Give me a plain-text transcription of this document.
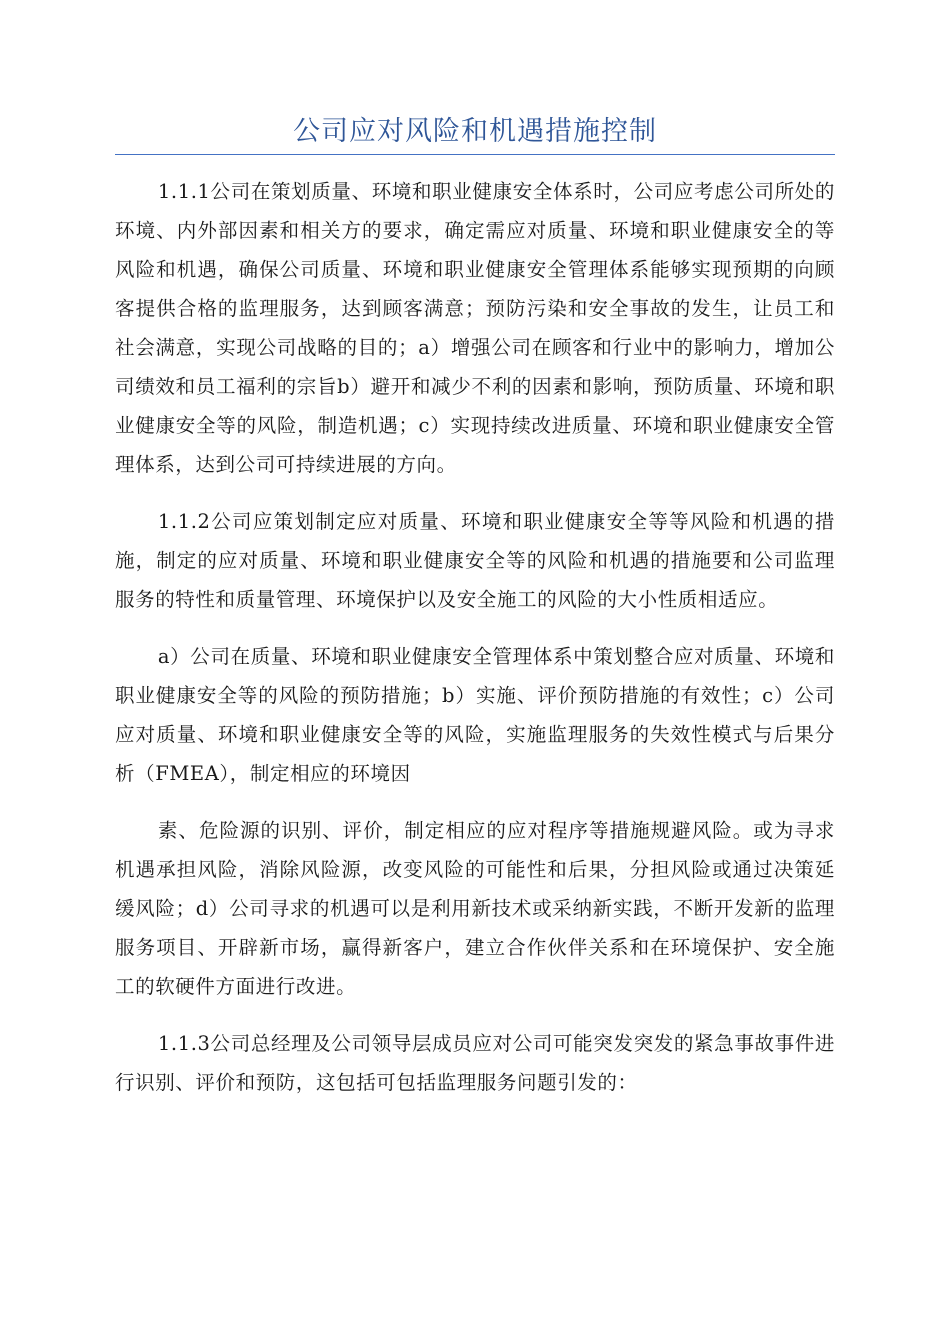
公司应对风险和机遇措施控制

1.1.1公司在策划质量、环境和职业健康安全体系时，公司应考虑公司所处的环境、内外部因素和相关方的要求，确定需应对质量、环境和职业健康安全的等风险和机遇，确保公司质量、环境和职业健康安全管理体系能够实现预期的向顾客提供合格的监理服务，达到顾客满意；预防污染和安全事故的发生，让员工和社会满意，实现公司战略的目的；a）增强公司在顾客和行业中的影响力，增加公司绩效和员工福利的宗旨b）避开和减少不利的因素和影响，预防质量、环境和职业健康安全等的风险，制造机遇；c）实现持续改进质量、环境和职业健康安全管理体系，达到公司可持续进展的方向。

1.1.2公司应策划制定应对质量、环境和职业健康安全等等风险和机遇的措施，制定的应对质量、环境和职业健康安全等的风险和机遇的措施要和公司监理服务的特性和质量管理、环境保护以及安全施工的风险的大小性质相适应。

a）公司在质量、环境和职业健康安全管理体系中策划整合应对质量、环境和职业健康安全等的风险的预防措施；b）实施、评价预防措施的有效性；c）公司应对质量、环境和职业健康安全等的风险，实施监理服务的失效性模式与后果分析（FMEA），制定相应的环境因

素、危险源的识别、评价，制定相应的应对程序等措施规避风险。或为寻求机遇承担风险，消除风险源，改变风险的可能性和后果，分担风险或通过决策延缓风险；d）公司寻求的机遇可以是利用新技术或采纳新实践，不断开发新的监理服务项目、开辟新市场，赢得新客户，建立合作伙伴关系和在环境保护、安全施工的软硬件方面进行改进。

1.1.3公司总经理及公司领导层成员应对公司可能突发突发的紧急事故事件进行识别、评价和预防，这包括可包括监理服务问题引发的：
